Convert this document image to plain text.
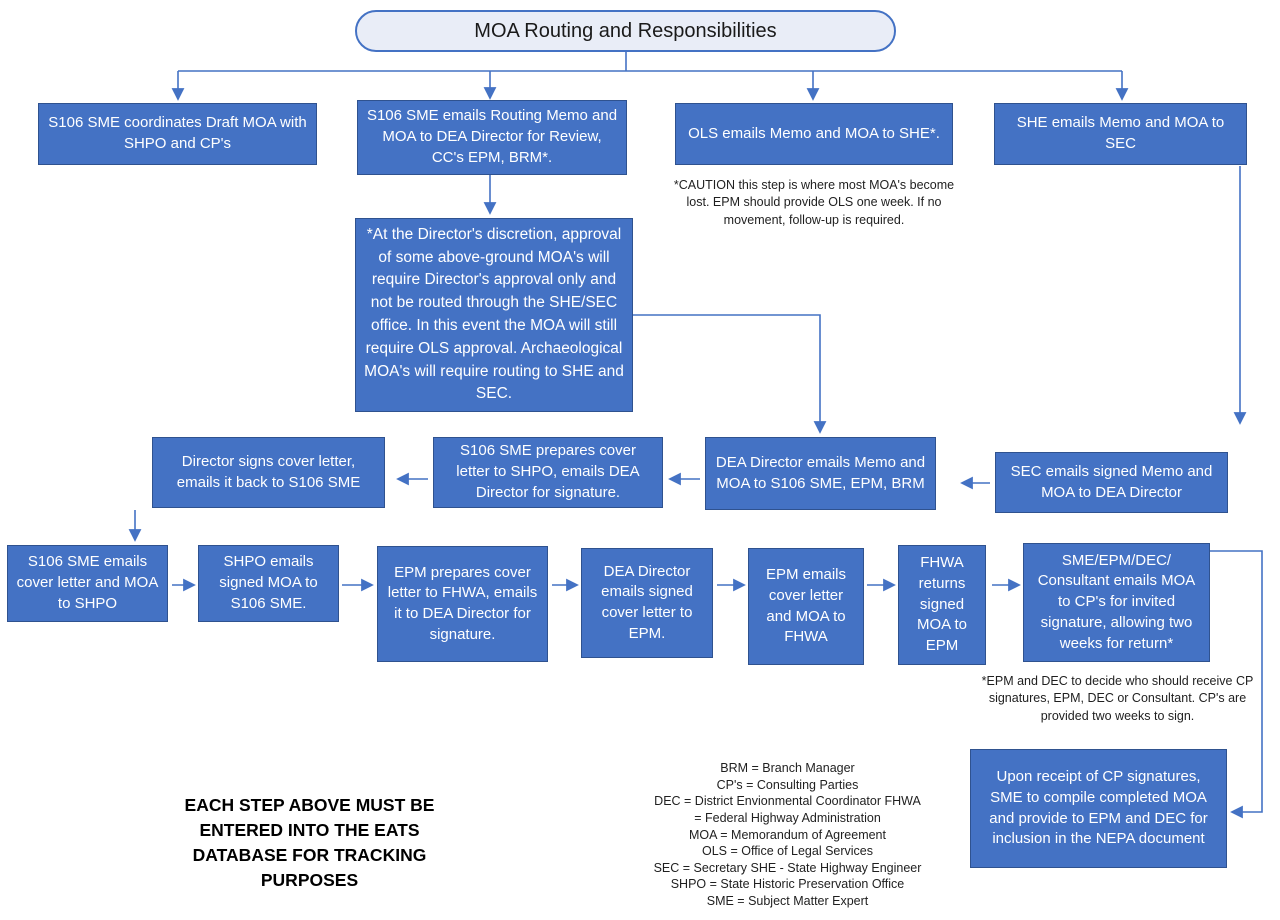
MOA Routing and Responsibilities
S106 SME coordinates Draft MOA with SHPO and CP's
S106 SME emails Routing Memo and MOA to DEA Director for Review, CC's EPM, BRM*.
OLS emails Memo and MOA to SHE*.
SHE emails Memo and MOA to SEC
*CAUTION this step is where most MOA's become lost. EPM should provide OLS one week. If no movement, follow-up is required.
*At the Director's discretion, approval of some above-ground MOA's will require Director's approval only and not be routed through the SHE/SEC office. In this event the MOA will still require OLS approval. Archaeological MOA's will require routing to SHE and SEC.
Director signs cover letter, emails it back to S106 SME
S106 SME prepares cover letter to SHPO, emails DEA Director for signature.
DEA Director emails Memo and MOA to S106 SME, EPM, BRM
SEC emails signed Memo and MOA to DEA Director
S106 SME emails cover letter and MOA to SHPO
SHPO emails signed MOA to S106 SME.
EPM prepares cover letter to FHWA, emails it to DEA Director for signature.
DEA Director emails signed cover letter to EPM.
EPM emails cover letter and MOA to FHWA
FHWA returns signed MOA to EPM
SME/EPM/DEC/ Consultant emails MOA to CP's for invited signature, allowing two weeks for return*
*EPM and DEC to decide who should receive CP signatures, EPM, DEC or Consultant. CP's are provided two weeks to sign.
Upon receipt of CP signatures, SME to compile completed MOA and provide to EPM and DEC for inclusion in the NEPA document
EACH STEP ABOVE MUST BE ENTERED INTO THE EATS DATABASE FOR TRACKING PURPOSES
BRM = Branch Manager
CP's = Consulting Parties
DEC = District Envionmental Coordinator FHWA
= Federal Highway Administration
MOA = Memorandum of Agreement
OLS = Office of Legal Services
SEC = Secretary SHE - State Highway Engineer
SHPO = State Historic Preservation Office
SME = Subject Matter Expert
